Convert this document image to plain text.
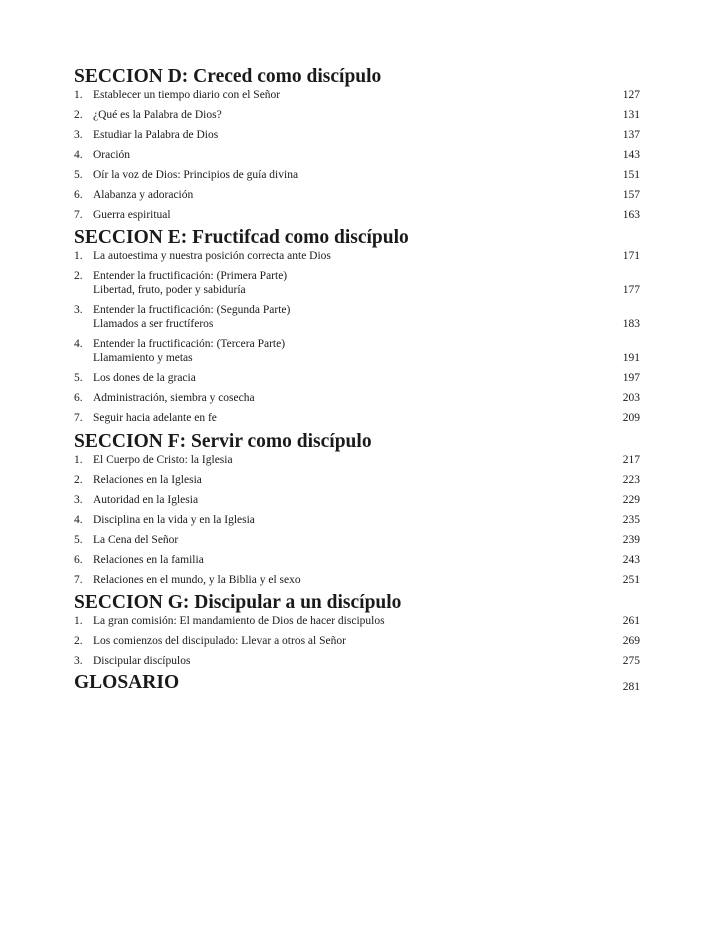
SECCION D: Creced como discípulo
1. Establecer un tiempo diario con el Señor	127
2. ¿Qué es la Palabra de Dios?	131
3. Estudiar la Palabra de Dios	137
4. Oración	143
5. Oír la voz de Dios: Principios de guía divina	151
6. Alabanza y adoración	157
7. Guerra espiritual	163
SECCION E: Fructifcad como discípulo
1. La autoestima y nuestra posición correcta ante Dios	171
2. Entender la fructificación: (Primera Parte)
Libertad, fruto, poder y sabiduría	177
3. Entender la fructificación: (Segunda Parte)
Llamados a ser fructíferos	183
4. Entender la fructificación: (Tercera Parte)
Llamamiento y metas	191
5. Los dones de la gracia	197
6. Administración, siembra y cosecha	203
7. Seguir hacia adelante en fe	209
SECCION F: Servir como discípulo
1. El Cuerpo de Cristo: la Iglesia	217
2. Relaciones en la Iglesia	223
3. Autoridad en la Iglesia	229
4. Disciplina en la vida y en la Iglesia	235
5. La Cena del Señor	239
6. Relaciones en la familia	243
7. Relaciones en el mundo, y la Biblia y el sexo	251
SECCION G: Discipular a un discípulo
1. La gran comisión: El mandamiento de Dios de hacer discipulos	261
2. Los comienzos del discipulado: Llevar a otros al Señor	269
3. Discipular discípulos	275
GLOSARIO	281
